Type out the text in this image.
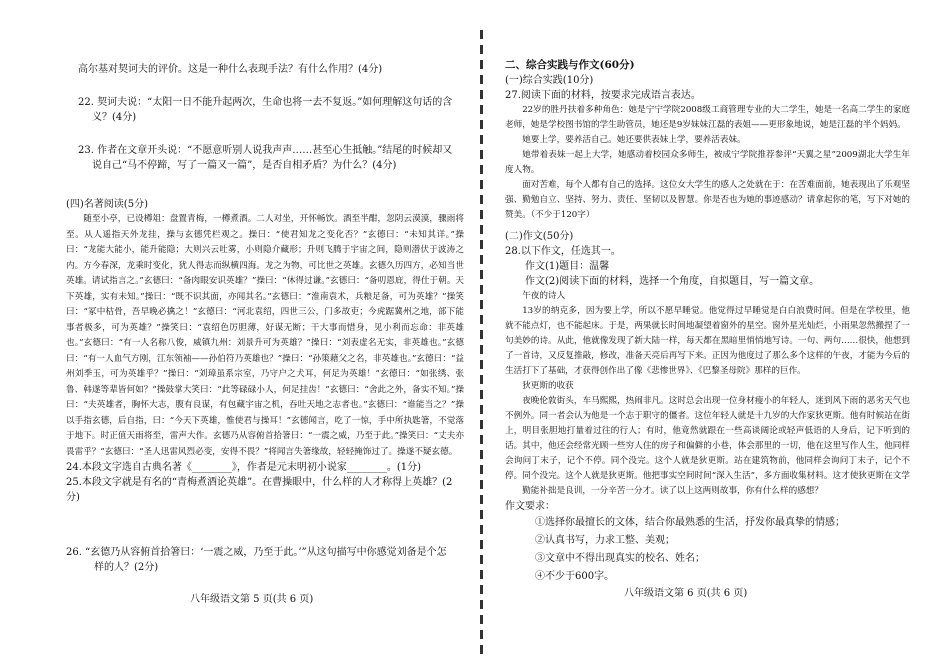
高尔基对契诃夫的评价。这是一种什么表现手法？有什么作用？(4分)

22. 契诃夫说：“太阳一日不能升起两次，生命也将一去不复返。”如何理解这句话的含

义？(4分)

23. 作者在文章开头说：“不愿意听别人说我声声……甚至心生抵触。”结尾的时候却又

说自己“马不停蹄，写了一篇又一篇”，是否自相矛盾？为什么？(4分)

(四)名著阅读(5分)

随至小亭，已设樽俎：盘置青梅，一樽煮酒。二人对坐，开怀畅饮。酒至半酣，忽阴云漠漠，骤雨将至。从人遥指天外龙挂，操与玄德凭栏观之。操曰：“使君知龙之变化否？”玄德曰：“未知其详。”操曰：“龙能大能小，能升能隐；大则兴云吐雾，小则隐介藏形；升则飞腾于宇宙之间，隐则潜伏于波涛之内。方今春深，龙乘时变化，犹人得志而纵横四海。龙之为物，可比世之英雄。玄德久历四方，必知当世英雄。请试指言之。”玄德曰：“备肉眼安识英雄？”操曰：“休得过谦。”玄德曰：“备叨恩庇，得仕于朝。天下英雄，实有未知。”操曰：“既不识其面，亦闻其名。”玄德曰：“淮南袁术，兵粮足备，可为英雄？”操笑曰：“冢中枯骨，吾早晚必擒之！”玄德曰：“河北袁绍，四世三公，门多故吏；今虎踞冀州之地，部下能事者极多，可为英雄？”操笑曰：“袁绍色厉胆薄，好谋无断；干大事而惜身，见小利而忘命：非英雄也。”玄德曰：“有一人名称八俊，威镇九州：刘景升可为英雄？”操曰：“刘表虚名无实，非英雄也。”玄德曰：“有一人血气方刚，江东领袖——孙伯符乃英雄也？”操曰：“孙策藉父之名，非英雄也。”玄德曰：“益州刘季玉，可为英雄乎？”操曰：“刘璋虽系宗室，乃守户之犬耳，何足为英雄！”玄德曰：“如张绣、张鲁、韩遂等辈皆何如？”操鼓掌大笑曰：“此等碌碌小人，何足挂齿！”玄德曰：“舍此之外，备实不知。”操曰：“夫英雄者，胸怀大志，腹有良谋，有包藏宇宙之机，吞吐天地之志者也。”玄德曰：“谁能当之？”操以手指玄德，后自指，曰：“今天下英雄，惟使君与操耳！”玄德闻言，吃了一惊，手中所执匙箸，不觉落于地下。时正值天雨将至，雷声大作。玄德乃从容俯首拾箸曰：“一震之威，乃至于此。”操笑曰：“丈夫亦畏雷乎？”玄德曰：“圣人迅雷风烈必变，安得不畏？”将闻言失箸缘故，轻轻掩饰过了。操遂不疑玄德。

24.本段文字选自古典名著《________》，作者是元末明初小说家________。(1分)

25.本段文字就是有名的“青梅煮酒论英雄”。在曹操眼中，什么样的人才称得上英雄？(2分)

26. “玄德乃从容俯首拾箸曰：‘一震之威，乃至于此。’”从这句描写中你感觉刘备是个怎

样的人？(2分)

八年级语文第 5 页(共 6 页)

二、综合实践与作文(60分)

(一)综合实践(10分)

27.阅读下面的材料，按要求完成语言表达。

22岁的胜丹扶着多种角色：她是宁宁学院2008级工商管理专业的大二学生，她是一名高二学生的家庭老师，她是学校图书馆的学生助管员，她还是9岁妹妹江磊的表姐——更形象地说，她是江磊的半个妈妈。

她要上学，要养活自己。她还要供表妹上学，要养活表妹。

她带着表妹一起上大学，她感动着校园众多师生，被成宁学院推荐参评“天翼之星”2009湖北大学生年度人物。

面对苦难，每个人都有自己的选择。这位女大学生的感人之处就在于：在苦难面前，她表现出了乐观坚强、勤勉自立、坚持、努力、责任、坚韧以及智慧。你是否也为她的事迹感动？请拿起你的笔，写下对她的赞美。（不少于120字）

(二)作文(50分)

28.以下作文，任选其一。

作文(1)题目：温馨

作文(2)阅读下面的材料，选择一个角度，自拟题目，写一篇文章。

午夜的诗人

13岁的纳克多，因为要上学，所以不愿早睡觉。他觉得过早睡觉是白白浪费时间。但是在学校里，他就不能点灯，也不能起床。于是，两果就长时间地凝望着窗外的星空。窗外星光灿烂，小雨果忽然搬捏了一句美妙的诗。从此，他就像发现了新大陆一样，每天都在黑暗里悄悄地写诗。一句、两句……很快，他想到了一首诗，又反复推敲，修改，准备天亮后再写下来。正因为他度过了那么多个这样的午夜，才能为今后的生活打下了基础，才获得创作出了像《悲惨世界》、《巴黎圣母院》那样的巨作。

狄更斯的收获

夜晚伦敦街头，车马熙熙，热闹非凡。这时总会出现一位身材瘦小的年轻人，迷到风下雨的恶劣天气也不例外。同一者会认为他是一个志于职守的僵者。这位年轻人就是十九岁的大作家狄更斯。他有时候站在街上，明目张胆地打量着过往的行人；有时，他竟然就跟在一些高谈阔论或轻声低语的人身后，记下听到的话。其中，他还会经常光顾一些穷人住的房子和偏僻的小巷，体会那里的一切，他在这里写作人生，他同样会询问丁末子，记个不停。同个没完。这个人就是狄更斯。站在建筑物前，他同样会询问丁末子，记个不停。同个没完。这个人就是狄更斯。他把事实空间时间“深入生活”，多方面收集材料。这才使狄更斯在文学

勤能补拙是良训，一分辛苦一分才。读了以上这两则故事，你有什么样的感想？

作文要求：

①选择你最擅长的文体，结合你最熟悉的生活，抒发你最真挚的情感；

②认真书写，力求工整、美观；

③文章中不得出现真实的校名、姓名；

④不少于600字。

八年级语文第 6 页(共 6 页)
